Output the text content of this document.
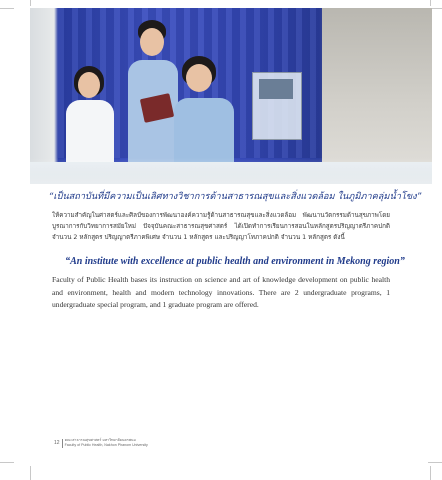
“เป็นสถาบันที่มีความเป็นเลิศทางวิชาการด้านสาธารณสุขและสิ่งแวดล้อม ในภูมิภาคลุ่มน้ำโขง”
ให้ความสำคัญในศาสตร์และศิลป์ของการพัฒนาองค์ความรู้ด้านสาธารณสุขและสิ่งแวดล้อม พัฒนานวัตกรรมด้านสุขภาพโดยบูรณาการกับวิทยาการสมัยใหม่ ปัจจุบันคณะสาธารณสุขศาสตร์ ได้เปิดทำการเรียนการสอนในหลักสูตรปริญญาตรีภาคปกติ จำนวน 2 หลักสูตร ปริญญาตรีภาคพิเศษ จำนวน 1 หลักสูตร และปริญญาโทภาคปกติ จำนวน 1 หลักสูตร ดังนี้
“An institute with excellence at public health and environment in Mekong region”
Faculty of Public Health bases its instruction on science and art of knowledge development on public health and environment, health and modern technology innovations. There are 2 undergraduate programs, 1 undergraduate special program, and 1 graduate program are offered.
12 คณะสาธารณสุขศาสตร์ มหาวิทยาลัยนครพนม
Faculty of Public Health, Nakhon Phanom University
